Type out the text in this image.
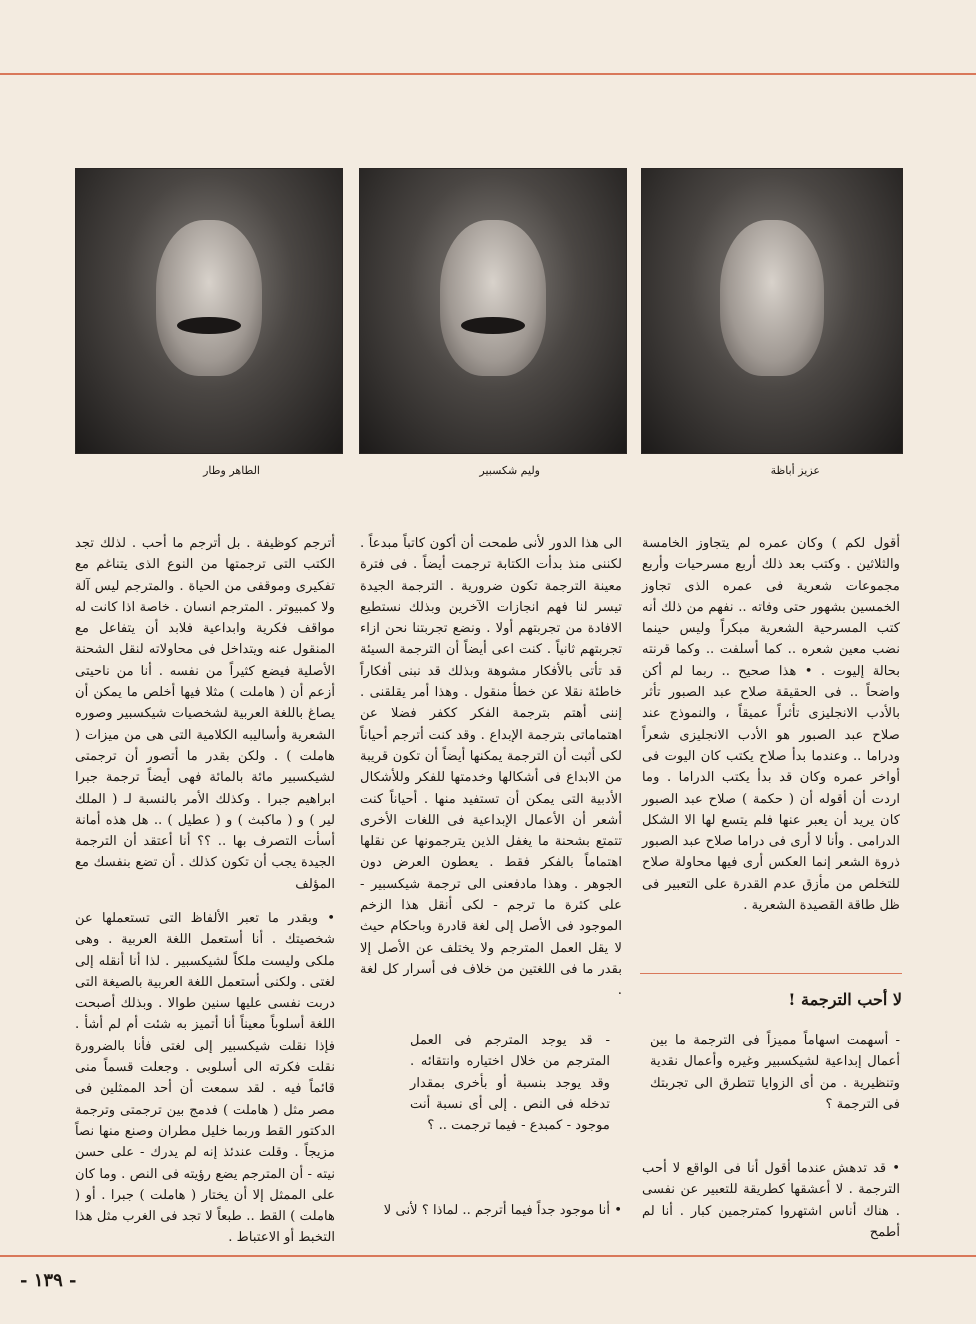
الطاهر وطار	وليم شكسبير	عزيز أباظة

أقول لكم ) وكان عمره لم يتجاوز الخامسة والثلاثين . وكتب بعد ذلك أربع مسرحيات وأربع مجموعات شعرية فى عمره الذى تجاوز الخمسين بشهور حتى وفاته .. نفهم من ذلك أنه كتب المسرحية الشعرية مبكراً وليس حينما نضب معين شعره .. كما أسلفت .. وكما قرنته بحالة إليوت . • هذا صحيح .. ربما لم أكن واضحاً .. فى الحقيقة صلاح عبد الصبور تأثر بالأدب الانجليزى تأثراً عميقاً ، والنموذج عند صلاح عبد الصبور هو الأدب الانجليزى شعراً ودراما .. وعندما بدأ صلاح يكتب كان اليوت فى أواخر عمره وكان قد بدأ يكتب الدراما . وما اردت أن أقوله أن ( حكمة ) صلاح عبد الصبور كان يريد أن يعبر عنها فلم يتسع لها الا الشكل الدرامى . وأنا لا أرى فى دراما صلاح عبد الصبور ذروة الشعر إنما العكس أرى فيها محاولة صلاح للتخلص من مأزق عدم القدرة على التعبير فى ظل طاقة القصيدة الشعرية .

الى هذا الدور لأنى طمحت أن أكون كاتباً مبدعاً . لكننى منذ بدأت الكتابة ترجمت أيضاً . فى فترة معينة الترجمة تكون ضرورية . الترجمة الجيدة تيسر لنا فهم انجازات الآخرين وبذلك نستطيع الافادة من تجربتهم أولا . ونضع تجربتنا نحن ازاء تجربتهم ثانياً . كنت اعى أيضاً أن الترجمة السيئة قد تأتى بالأفكار مشوهة وبذلك قد نبنى أفكاراً خاطئة نقلا عن خطأ منقول . وهذا أمر يقلقنى . إننى أهتم بترجمة الفكر ككفر فضلا عن اهتماماتى بترجمة الإبداع . وقد كنت أترجم أحياناً لكى أثبت أن الترجمة يمكنها أيضاً أن تكون قريبة من الابداع فى أشكالها وخدمتها للفكر وللأشكال الأدبية التى يمكن أن تستفيد منها . أحياناً كنت أشعر أن الأعمال الإبداعية فى اللغات الأخرى تتمتع بشحنة ما يغفل الذين يترجمونها عن نقلها اهتماماً بالفكر فقط . يعطون العرض دون الجوهر . وهذا مادفعنى الى ترجمة شيكسبير - على كثرة ما ترجم - لكى أنقل هذا الزخم الموجود فى الأصل إلى لغة قادرة وباحكام حيث لا يقل العمل المترجم ولا يختلف عن الأصل إلا بقدر ما فى اللغتين من خلاف فى أسرار كل لغة .

أترجم كوظيفة . بل أترجم ما أحب . لذلك تجد الكتب التى ترجمتها من النوع الذى يتناغم مع تفكيرى وموقفى من الحياة . والمترجم ليس آلة ولا كمبيوتر . المترجم انسان . خاصة اذا كانت له مواقف فكرية وابداعية فلابد أن يتفاعل مع المنقول عنه ويتداخل فى محاولاته لنقل الشحنة الأصلية فيضع كثيراً من نفسه . أنا من ناحيتى أزعم أن ( هاملت ) مثلا فيها أخلص ما يمكن أن يصاغ باللغة العربية لشخصيات شيكسبير وصوره الشعرية وأساليبه الكلامية التى هى من ميزات ( هاملت ) . ولكن بقدر ما أتصور أن ترجمتى لشيكسبير مائة بالمائة فهى أيضاً ترجمة جبرا ابراهيم جبرا . وكذلك الأمر بالنسبة لـ ( الملك لير ) و ( ماكبث ) و ( عطيل ) .. هل هذه أمانة أسأت التصرف بها .. ؟؟ أنا أعتقد أن الترجمة الجيدة يجب أن تكون كذلك . أن تضع بنفسك مع المؤلف

• وبقدر ما تعبر الألفاظ التى تستعملها عن شخصيتك . أنا أستعمل اللغة العربية . وهى ملكى وليست ملكاً لشيكسبير . لذا أنا أنقله إلى لغتى . ولكنى أستعمل اللغة العربية بالصيغة التى دربت نفسى عليها سنين طوالا . وبذلك أصبحت اللغة أسلوباً معيناً أنا أتميز به شئت أم لم أشأ . فإذا نقلت شيكسبير إلى لغتى فأنا بالضرورة نقلت فكرته الى أسلوبى . وجعلت قسماً منى قائماً فيه . لقد سمعت أن أحد الممثلين فى مصر مثل ( هاملت ) فدمج بين ترجمتى وترجمة الدكتور القط وربما خليل مطران وصنع منها نصاً مزيجاً . وقلت عندئذ إنه لم يدرك - على حسن نيته - أن المترجم يضع رؤيته فى النص . وما كان على الممثل إلا أن يختار ( هاملت ) جبرا . أو ( هاملت ) القط .. طبعاً لا تجد فى الغرب مثل هذا التخبط أو الاعتباط .

لا أحب الترجمة !

- أسهمت اسهاماً مميزاً فى الترجمة ما بين أعمال إبداعية لشيكسبير وغيره وأعمال نقدية وتنظيرية . من أى الزوايا تتطرق الى تجربتك فى الترجمة ؟

• قد تدهش عندما أقول أنا فى الواقع لا أحب الترجمة . لا أعشقها كطريقة للتعبير عن نفسى . هناك أناس اشتهروا كمترجمين كبار . أنا لم أطمح

- قد يوجد المترجم فى العمل المترجم من خلال اختياره وانتقائه . وقد يوجد بنسبة أو بأخرى بمقدار تدخله فى النص . إلى أى نسبة أنت موجود - كمبدع - فيما ترجمت .. ؟

• أنا موجود جداً فيما أترجم .. لماذا ؟ لأنى لا

- ١٣٩ -
